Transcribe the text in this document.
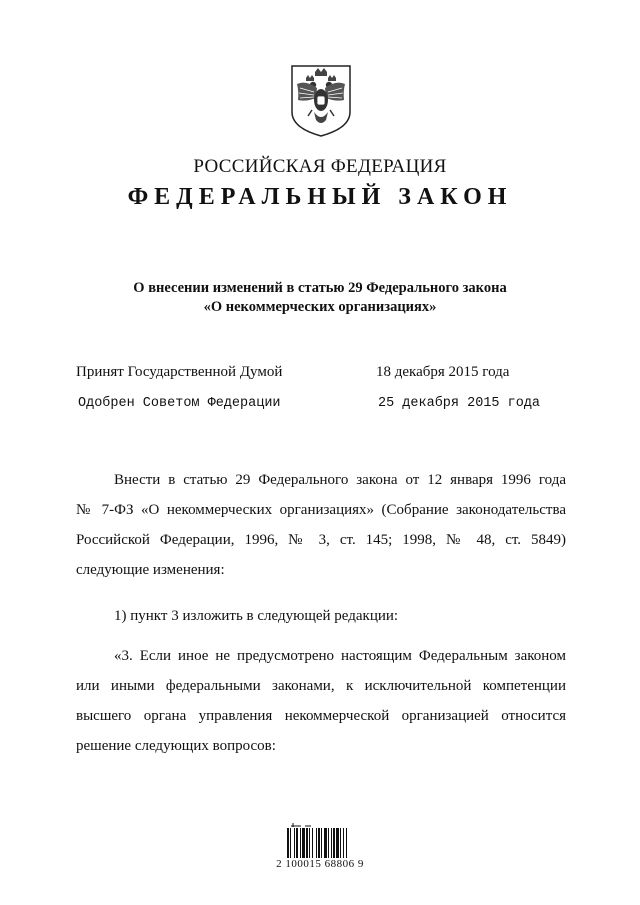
РОССИЙСКАЯ ФЕДЕРАЦИЯ
ФЕДЕРАЛЬНЫЙ ЗАКОН
О внесении изменений в статью 29 Федерального закона
«О некоммерческих организациях»
Принят Государственной Думой	18 декабря 2015 года
Одобрен Советом Федерации	25 декабря 2015 года
Внести в статью 29 Федерального закона от 12 января 1996 года
№ 7-ФЗ «О некоммерческих организациях» (Собрание законодательства
Российской Федерации, 1996, № 3, ст. 145; 1998, № 48, ст. 5849)
следующие изменения:
1) пункт 3 изложить в следующей редакции:
«3. Если иное не предусмотрено настоящим Федеральным законом
или иными федеральными законами, к исключительной компетенции
высшего органа управления некоммерческой организацией относится
решение следующих вопросов:
2 100015 68806 9
